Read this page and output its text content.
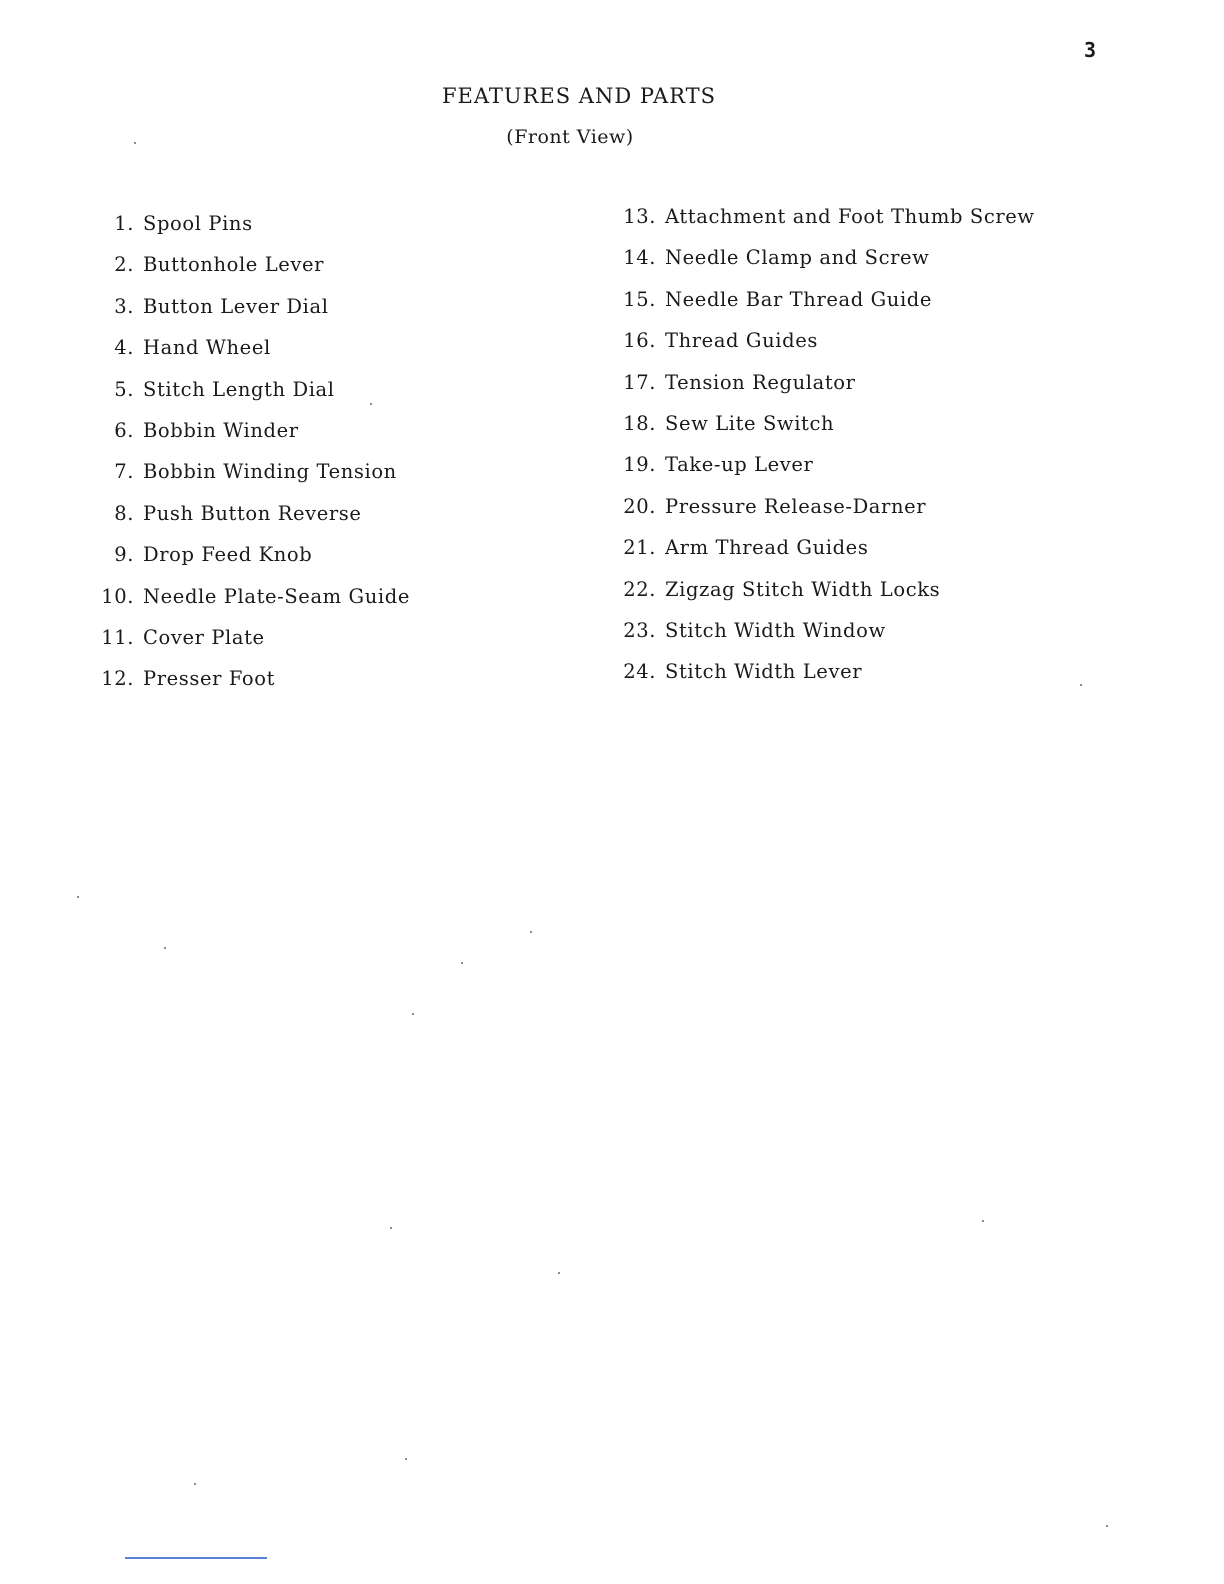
3
FEATURES AND PARTS
(Front View)
1. Spool Pins
2. Buttonhole Lever
3. Button Lever Dial
4. Hand Wheel
5. Stitch Length Dial
6. Bobbin Winder
7. Bobbin Winding Tension
8. Push Button Reverse
9. Drop Feed Knob
10. Needle Plate-Seam Guide
11. Cover Plate
12. Presser Foot
13. Attachment and Foot Thumb Screw
14. Needle Clamp and Screw
15. Needle Bar Thread Guide
16. Thread Guides
17. Tension Regulator
18. Sew Lite Switch
19. Take-up Lever
20. Pressure Release-Darner
21. Arm Thread Guides
22. Zigzag Stitch Width Locks
23. Stitch Width Window
24. Stitch Width Lever
